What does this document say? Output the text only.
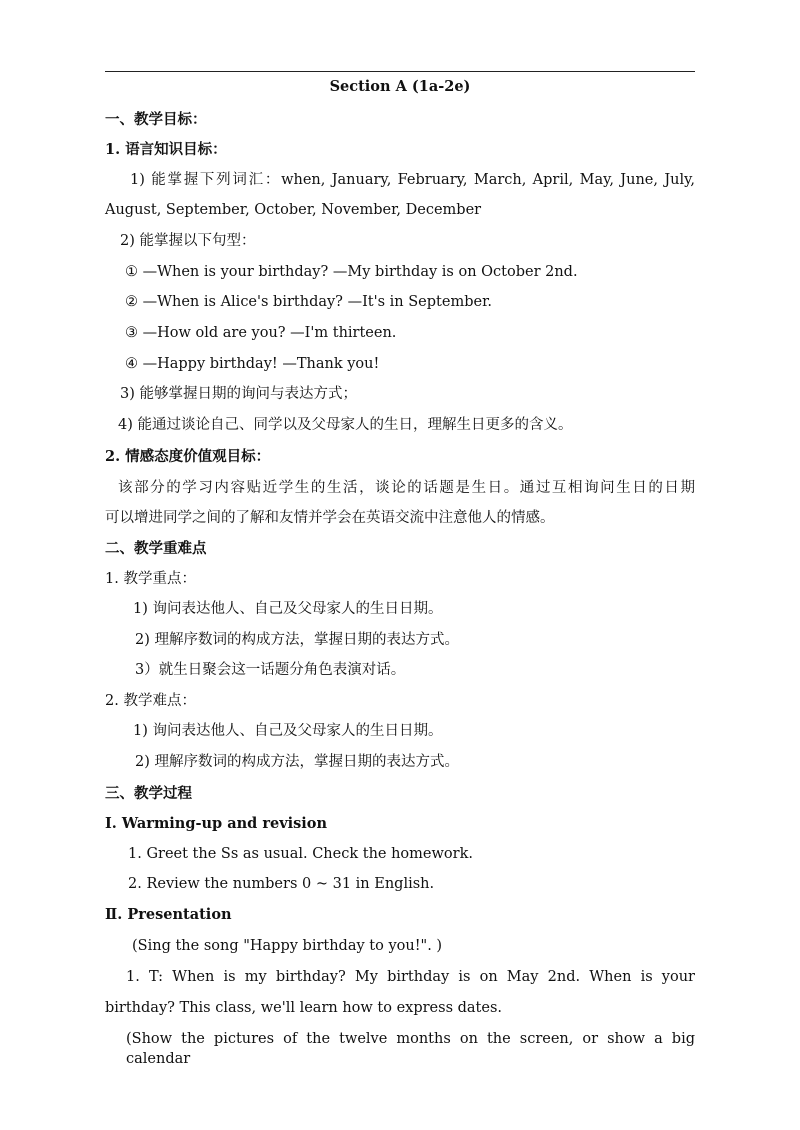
Section A (1a-2e)
一、教学目标：
1. 语言知识目标：
1) 能掌握下列词汇：when, January, February, March, April, May, June, July,
August, September, October, November, December
2) 能掌握以下句型：
① —When is your birthday? —My birthday is on October 2nd.
② —When is Alice's birthday? —It's in September.
③ —How old are you? —I'm thirteen.
④ —Happy birthday! —Thank you!
3) 能够掌握日期的询问与表达方式；
4) 能通过谈论自己、同学以及父母家人的生日，理解生日更多的含义。
2. 情感态度价值观目标：
该部分的学习内容贴近学生的生活，谈论的话题是生日。通过互相询问生日的日期
可以增进同学之间的了解和友情并学会在英语交流中注意他人的情感。
二、教学重难点
1. 教学重点：
1) 询问表达他人、自己及父母家人的生日日期。
2) 理解序数词的构成方法，掌握日期的表达方式。
3）就生日聚会这一话题分角色表演对话。
2. 教学难点：
1) 询问表达他人、自己及父母家人的生日日期。
2) 理解序数词的构成方法，掌握日期的表达方式。
三、教学过程
Ⅰ. Warming-up and revision
1. Greet the Ss as usual. Check the homework.
2. Review the numbers 0 ~ 31 in English.
Ⅱ. Presentation
(Sing the song "Happy birthday to you!". )
1. T: When is my birthday? My birthday is on May 2nd. When is your
birthday? This class, we'll learn how to express dates.
(Show the pictures of the twelve months on the screen, or show a big calendar
